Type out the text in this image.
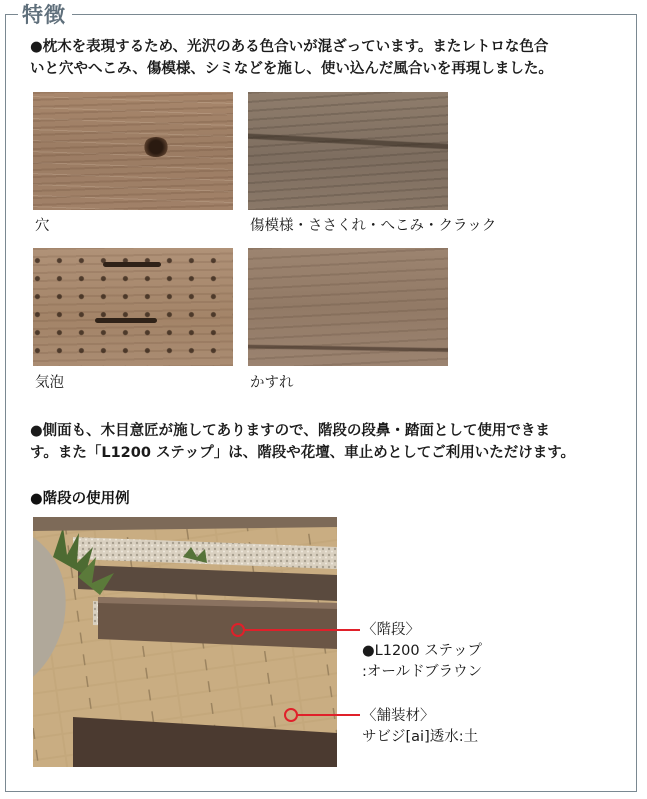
特徴

●枕木を表現するため、光沢のある色合いが混ざっています。またレトロな色合
いと穴やへこみ、傷模様、シミなどを施し、使い込んだ風合いを再現しました。

穴	傷模様・ささくれ・へこみ・クラック
気泡	かすれ

●側面も、木目意匠が施してありますので、階段の段鼻・踏面として使用できま
す。また「L1200 ステップ」は、階段や花壇、車止めとしてご利用いただけます。

●階段の使用例
〈階段〉
●L1200 ステップ
:オールドブラウン
〈舗装材〉
サビジ[ai]透水:土
